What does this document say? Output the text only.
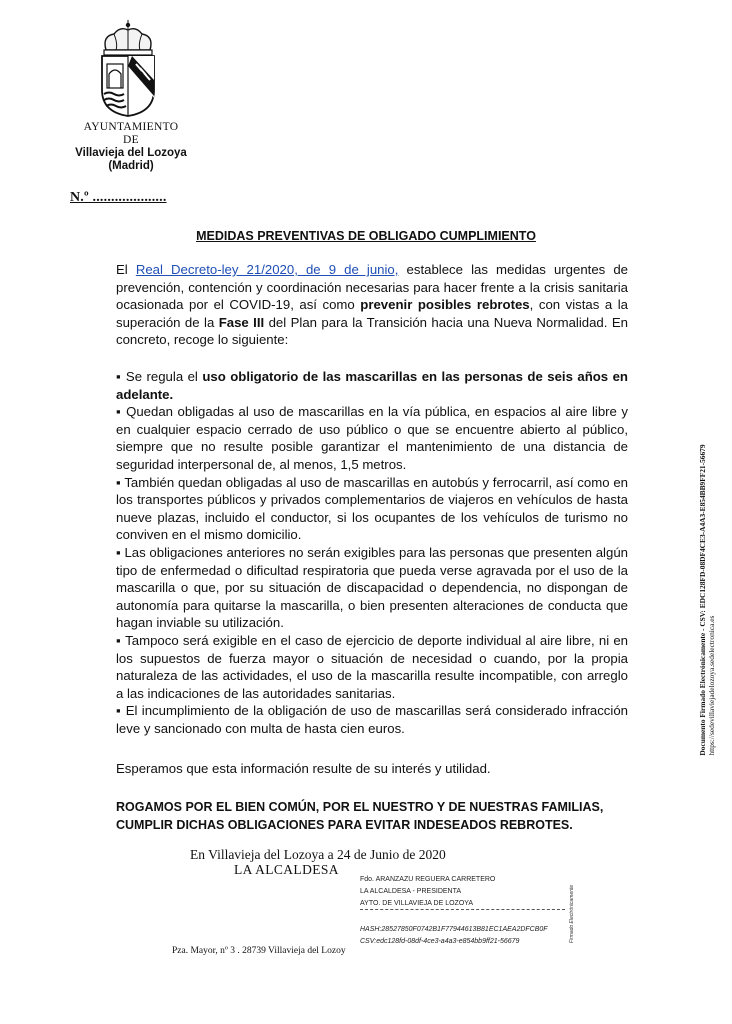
AYUNTAMIENTO
DE
Villavieja del Lozoya
(Madrid)
N.º ....................
MEDIDAS PREVENTIVAS DE OBLIGADO CUMPLIMIENTO
El Real Decreto-ley 21/2020, de 9 de junio, establece las medidas urgentes de prevención, contención y coordinación necesarias para hacer frente a la crisis sanitaria ocasionada por el COVID-19, así como prevenir posibles rebrotes, con vistas a la superación de la Fase III del Plan para la Transición hacia una Nueva Normalidad. En concreto, recoge lo siguiente:

▪ Se regula el uso obligatorio de las mascarillas en las personas de seis años en adelante.

▪ Quedan obligadas al uso de mascarillas en la vía pública, en espacios al aire libre y en cualquier espacio cerrado de uso público o que se encuentre abierto al público, siempre que no resulte posible garantizar el mantenimiento de una distancia de seguridad interpersonal de, al menos, 1,5 metros.

▪ También quedan obligadas al uso de mascarillas en autobús y ferrocarril, así como en los transportes públicos y privados complementarios de viajeros en vehículos de hasta nueve plazas, incluido el conductor, si los ocupantes de los vehículos de turismo no conviven en el mismo domicilio.

▪ Las obligaciones anteriores no serán exigibles para las personas que presenten algún tipo de enfermedad o dificultad respiratoria que pueda verse agravada por el uso de la mascarilla o que, por su situación de discapacidad o dependencia, no dispongan de autonomía para quitarse la mascarilla, o bien presenten alteraciones de conducta que hagan inviable su utilización.

▪ Tampoco será exigible en el caso de ejercicio de deporte individual al aire libre, ni en los supuestos de fuerza mayor o situación de necesidad o cuando, por la propia naturaleza de las actividades, el uso de la mascarilla resulte incompatible, con arreglo a las indicaciones de las autoridades sanitarias.

▪ El incumplimiento de la obligación de uso de mascarillas será considerado infracción leve y sancionado con multa de hasta cien euros.

Esperamos que esta información resulte de su interés y utilidad.
ROGAMOS POR EL BIEN COMÚN, POR EL NUESTRO Y DE NUESTRAS FAMILIAS,
CUMPLIR DICHAS OBLIGACIONES PARA EVITAR INDESEADOS REBROTES.
En Villavieja del Lozoya a 24 de Junio de 2020
LA ALCALDESA
Fdo. ARANZAZU REGUERA CARRETERO
LA ALCALDESA - PRESIDENTA
AYTO. DE VILLAVIEJA DE LOZOYA
HASH:28527850F0742B1F77944613B81EC1AEA2DFCB0F
CSV:edc128fd-08df-4ce3-a4a3-e854bb9ff21-56679	Firmado Electrónicamente
Pza. Mayor, nº 3 . 28739 Villavieja del Lozoy
Documento Firmado Electrónicamente - CSV: EDC128FD-08DF4CE3-A4A3-E854BB9FF21-56679
https://sedevillaviejadelozoya.sedelectronica.es
